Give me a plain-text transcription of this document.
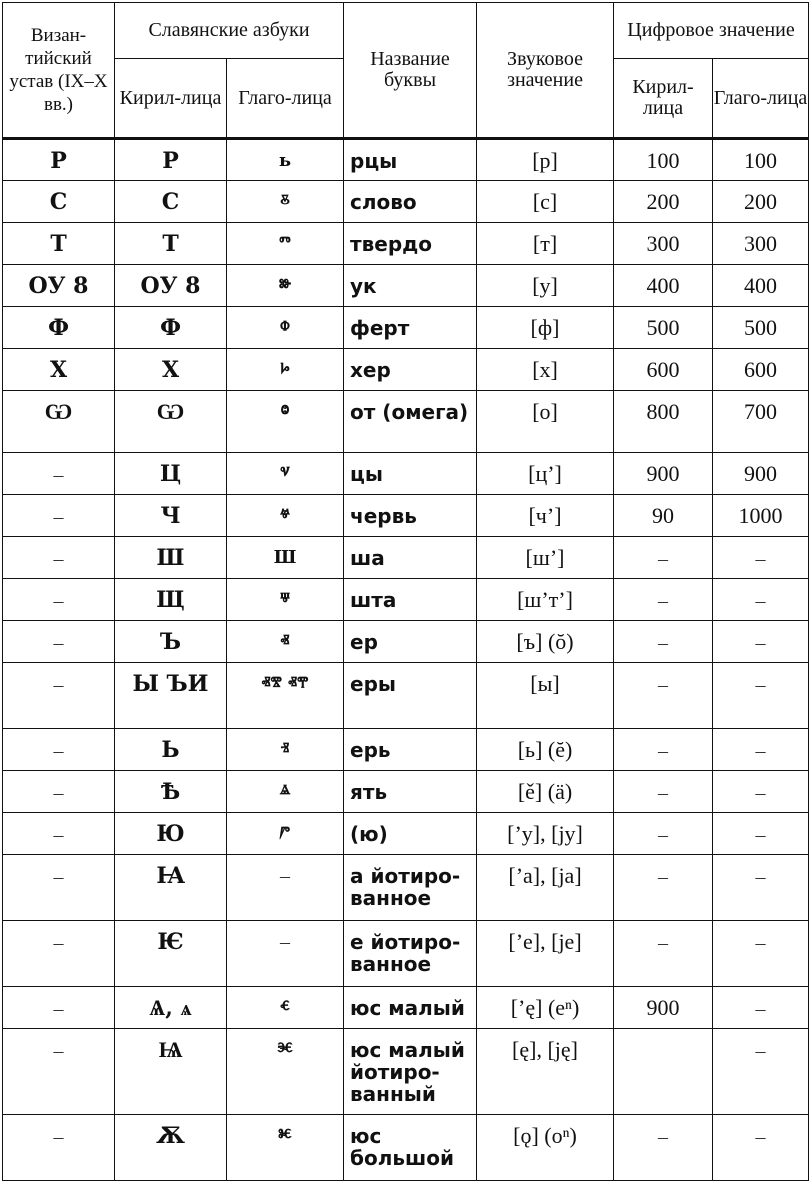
Визан-тийский устав (IX–X вв.)	Славянские азбуки		Название буквы	Звуковое значение	Цифровое значение	
	Кирил-лица	Глаго-лица			Кирил-лица	Глаго-лица
Р	Р	ь	рцы	[р]	100	100
С	С	ⰻ	слово	[с]	200	200
Т	Т	ⱅ	твердо	[т]	300	300
ОУ 8	ОУ 8	ⱆ	ук	[у]	400	400
Ф	Ф	ⱇ	ферт	[ф]	500	500
Х	Х	ⱈ	хер	[х]	600	600
Ѡ	Ѡ	ⱉ	от (омега)	[о]	800	700
–	Ц	ⱌ	цы	[ц’]	900	900
–	Ч	ⱍ	червь	[ч’]	90	1000
–	Ш	Ш	ша	[ш’]	–	–
–	Щ	ⱋ	шта	[ш’т’]	–	–
–	Ъ	ⱏ	ер	[ъ] (ŏ)	–	–
–	Ы ЪИ	ⱏⰺ ⱏⰹ	еры	[ы]	–	–
–	Ь	ⱐ	ерь	[ь] (ĕ)	–	–
–	Ѣ	ⱑ	ять	[ě] (ä)	–	–
–	Ю	ⱓ	(ю)	[’у], [jу]	–	–
–	Ꙗ	–	а йотиро-ванное	[’а], [jа]	–	–
–	Ѥ	–	е йотиро-ванное	[’е], [jе]	–	–
–	Ѧ, ѧ	ⱔ	юс малый	[’ę] (еⁿ)	900	–
–	Ѩ	ⱗ	юс малый йотиро-ванный	[ę], [ję]		–
–	Ѫ	ⱘ	юс большой	[ǫ] (оⁿ)	–	–
